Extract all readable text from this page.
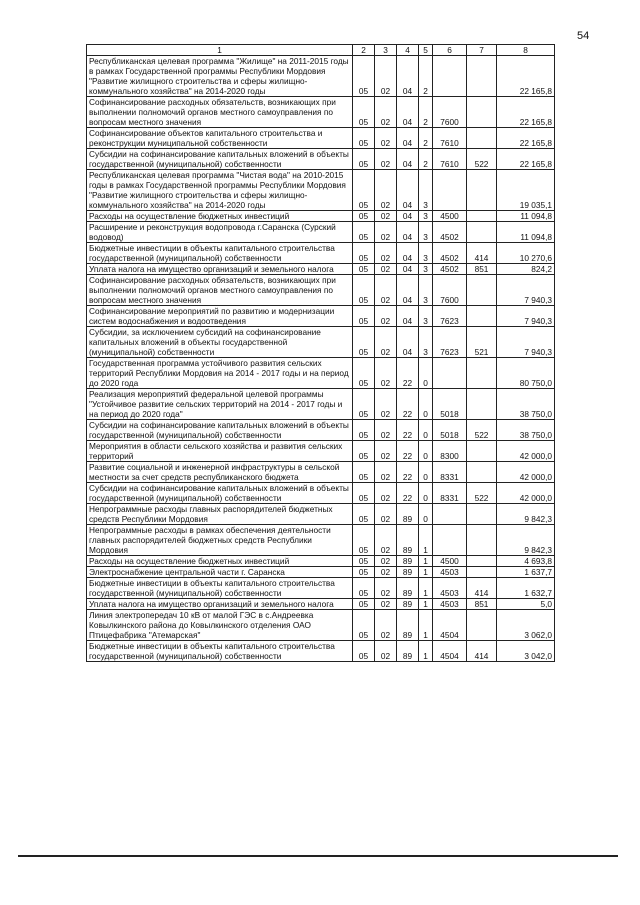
54
1	2	3	4	5	6	7	8
Республиканская целевая программа "Жилище" на 2011-2015 годы в рамках Государственной программы Республики Мордовия "Развитие жилищного строительства и сферы жилищно-коммунального хозяйства" на 2014-2020 годы	05	02	04	2			22 165,8
Софинансирование расходных обязательств, возникающих при выполнении полномочий органов местного самоуправления по вопросам местного значения	05	02	04	2	7600		22 165,8
Софинансирование объектов капитального строительства и реконструкции муниципальной собственности	05	02	04	2	7610		22 165,8
Субсидии на софинансирование капитальных вложений в объекты государственной (муниципальной) собственности	05	02	04	2	7610	522	22 165,8
Республиканская целевая программа "Чистая вода" на 2010-2015 годы в рамках Государственной программы Республики Мордовия "Развитие жилищного строительства и сферы жилищно-коммунального хозяйства" на 2014-2020 годы	05	02	04	3			19 035,1
Расходы на осуществление бюджетных инвестиций	05	02	04	3	4500		11 094,8
Расширение и реконструкция водопровода г.Саранска (Сурский водовод)	05	02	04	3	4502		11 094,8
Бюджетные инвестиции в объекты капитального строительства государственной (муниципальной) собственности	05	02	04	3	4502	414	10 270,6
Уплата налога на имущество организаций и земельного налога	05	02	04	3	4502	851	824,2
Софинансирование расходных обязательств, возникающих при выполнении полномочий органов местного самоуправления по вопросам местного значения	05	02	04	3	7600		7 940,3
Софинансирование мероприятий по развитию и модернизации систем водоснабжения и водоотведения	05	02	04	3	7623		7 940,3
Субсидии, за исключением субсидий на софинансирование капитальных вложений в объекты государственной (муниципальной) собственности	05	02	04	3	7623	521	7 940,3
Государственная программа устойчивого развития сельских территорий Республики Мордовия на 2014 - 2017 годы и на период до 2020 года	05	02	22	0			80 750,0
Реализация мероприятий федеральной целевой программы "Устойчивое развитие сельских территорий на 2014 - 2017 годы и на период до 2020 года"	05	02	22	0	5018		38 750,0
Субсидии на софинансирование капитальных вложений в объекты государственной (муниципальной) собственности	05	02	22	0	5018	522	38 750,0
Мероприятия в области сельского хозяйства и развития сельских территорий	05	02	22	0	8300		42 000,0
Развитие социальной и инженерной инфраструктуры в сельской местности за счет средств республиканского бюджета	05	02	22	0	8331		42 000,0
Субсидии на софинансирование капитальных вложений в объекты государственной (муниципальной) собственности	05	02	22	0	8331	522	42 000,0
Непрограммные расходы главных распорядителей бюджетных средств Республики Мордовия	05	02	89	0			9 842,3
Непрограммные расходы в рамках обеспечения деятельности главных распорядителей бюджетных средств Республики Мордовия	05	02	89	1			9 842,3
Расходы на осуществление бюджетных инвестиций	05	02	89	1	4500		4 693,8
Электроснабжение центральной части г. Саранска	05	02	89	1	4503		1 637,7
Бюджетные инвестиции в объекты капитального строительства государственной (муниципальной) собственности	05	02	89	1	4503	414	1 632,7
Уплата налога на имущество организаций и земельного налога	05	02	89	1	4503	851	5,0
Линия электропередач 10 кВ от малой ГЭС в с.Андреевка Ковылкинского района до Ковылкинского отделения ОАО Птицефабрика "Атемарская"	05	02	89	1	4504		3 062,0
Бюджетные инвестиции в объекты капитального строительства государственной (муниципальной) собственности	05	02	89	1	4504	414	3 042,0
